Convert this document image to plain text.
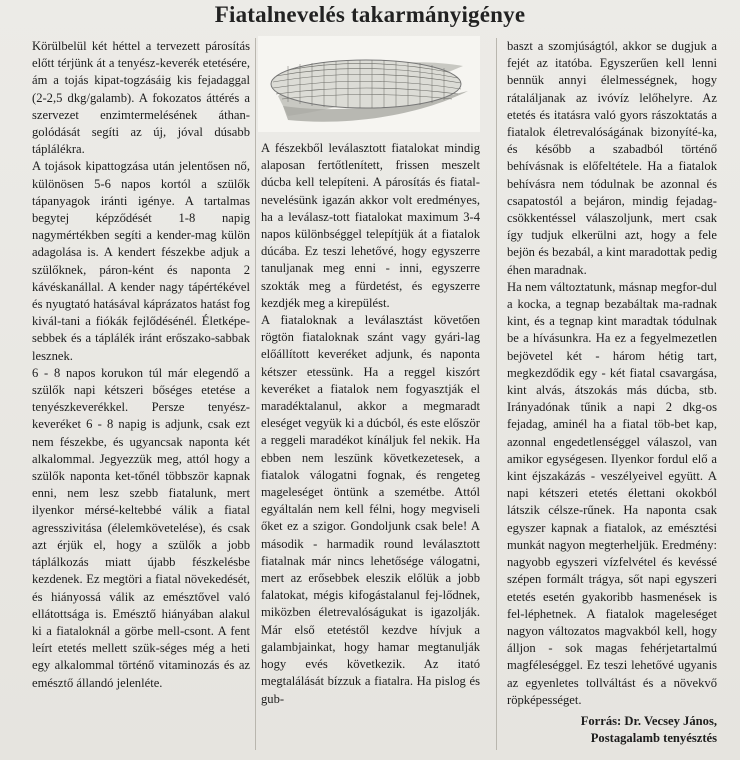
Fiatalnevelés takarmányigénye

Körülbelül két héttel a tervezett párosítás előtt térjünk át a tenyész-keverék etetésére, ám a tojás kipat-togzásáig kis fejadaggal (2-2,5 dkg/galamb). A fokozatos áttérés a szervezet enzimtermelésének áthan-golódását segíti az új, jóval dúsabb táplálékra.

A tojások kipattogzása után jelentősen nő, különösen 5-6 napos kortól a szülők tápanyagok iránti igénye. A tartalmas begytej képződését 1-8 napig nagymértékben segíti a kender-mag külön adagolása is. A kendert fészekbe adjuk a szülőknek, páron-ként és naponta 2 kávéskanállal. A kender nagy tápértékével és nyugtató hatásával káprázatos hatást fog kivál-tani a fiókák fejlődésénél. Életképe-sebbek és a táplálék iránt erőszako-sabbak lesznek.

6 - 8 napos korukon túl már elegendő a szülők napi kétszeri bőséges etetése a tenyészkeverékkel. Persze tenyész-keveréket 6 - 8 napig is adjunk, csak ezt nem fészekbe, és ugyancsak naponta két alkalommal. Jegyezzük meg, attól hogy a szülők naponta ket-tőnél többször kapnak enni, nem lesz szebb fiatalunk, mert ilyenkor mérsé-keltebbé válik a fiatal agresszivitása (élelemkövetelése), és csak azt érjük el, hogy a szülők a jobb táplálkozás miatt újabb fészkelésbe kezdenek. Ez megtöri a fiatal növekedését, és hiányossá válik az emésztővel való ellátottsága is. Emésztő hiányában alakul ki a fiataloknál a görbe mell-csont. A fent leírt etetés mellett szük-séges még a heti egy alkalommal történő vitaminozás és az emésztő állandó jelenléte.

A fészekből leválasztott fiatalokat mindig alaposan fertőtlenített, frissen meszelt dúcba kell telepíteni. A párosítás és fiatal-nevelésünk igazán akkor volt eredményes, ha a leválasz-tott fiatalokat maximum 3-4 napos különbséggel telepítjük át a fiatalok dúcába. Ez teszi lehetővé, hogy egyszerre tanuljanak meg enni - inni, egyszerre szokták meg a fürdetést, és egyszerre kezdjék meg a kirepülést.

A fiataloknak a leválasztást követően rögtön fiataloknak szánt vagy gyári-lag előállított keveréket adjunk, és naponta kétszer etessünk. Ha a reggel kiszórt keveréket a fiatalok nem fogyasztják el maradéktalanul, akkor a megmaradt eleséget vegyük ki a dúcból, és este először a reggeli maradékot kínáljuk fel nekik. Ha ebben nem leszünk következetesek, a fiatalok válogatni fognak, és rengeteg mageleséget öntünk a szemétbe. Attól egyáltalán nem kell félni, hogy megviseli őket ez a szigor. Gondoljunk csak bele! A második - harmadik round leválasztott fiatalnak már nincs lehetősége válogatni, mert az erősebbek eleszik előlük a jobb falatokat, mégis kifogástalanul fej-lődnek, miközben életrevalóságukat is igazolják. Már első etetéstől kezdve hívjuk a galambjainkat, hogy hamar megtanulják hogy evés következik. Az itató megtalálását bízzuk a fiatalra. Ha pislog és gub-

baszt a szomjúságtól, akkor se dugjuk a fejét az itatóba. Egyszerűen kell lenni bennük annyi élelmességnek, hogy rátaláljanak az ivóvíz lelőhelyre. Az etetés és itatásra való gyors rászoktatás a fiatalok életrevalóságának bizonyíté-ka, és később a szabadból történő behívásnak is előfeltétele. Ha a fiatalok behívásra nem tódulnak be azonnal és csapatostól a bejáron, mindig fejadag-csökkentéssel válaszoljunk, mert csak így tudjuk elkerülni azt, hogy a fele bejön és bezabál, a kint maradottak pedig éhen maradnak.

Ha nem változtatunk, másnap megfor-dul a kocka, a tegnap bezabáltak ma-radnak kint, és a tegnap kint maradtak tódulnak be a hívásunkra. Ha ez a fegyelmezetlen bejövetel két - három hétig tart, megkezdődik egy - két fiatal csavargása, kint alvás, átszokás más dúcba, stb. Irányadónak tűnik a napi 2 dkg-os fejadag, aminél ha a fiatal töb-bet kap, azonnal engedetlenséggel válaszol, van amikor egységesen. Ilyenkor fordul elő a kint éjszakázás - veszélyeivel együtt. A napi kétszeri etetés élettani okokból látszik célsze-rűnek. Ha naponta csak egyszer kapnak a fiatalok, az emésztési munkát nagyon megterheljük. Eredmény: nagyobb egyszeri vízfelvétel és kevéssé szépen formált trágya, sőt napi egyszeri etetés esetén gyakoribb hasmenések is fel-léphetnek. A fiatalok mageleséget nagyon változatos magvakból kell, hogy álljon - sok magas fehérjetartalmú magféleséggel. Ez teszi lehetővé ugyanis az egyenletes tollváltást és a növekvő röpképességet.

Forrás: Dr. Vecsey János,
Postagalamb tenyésztés
